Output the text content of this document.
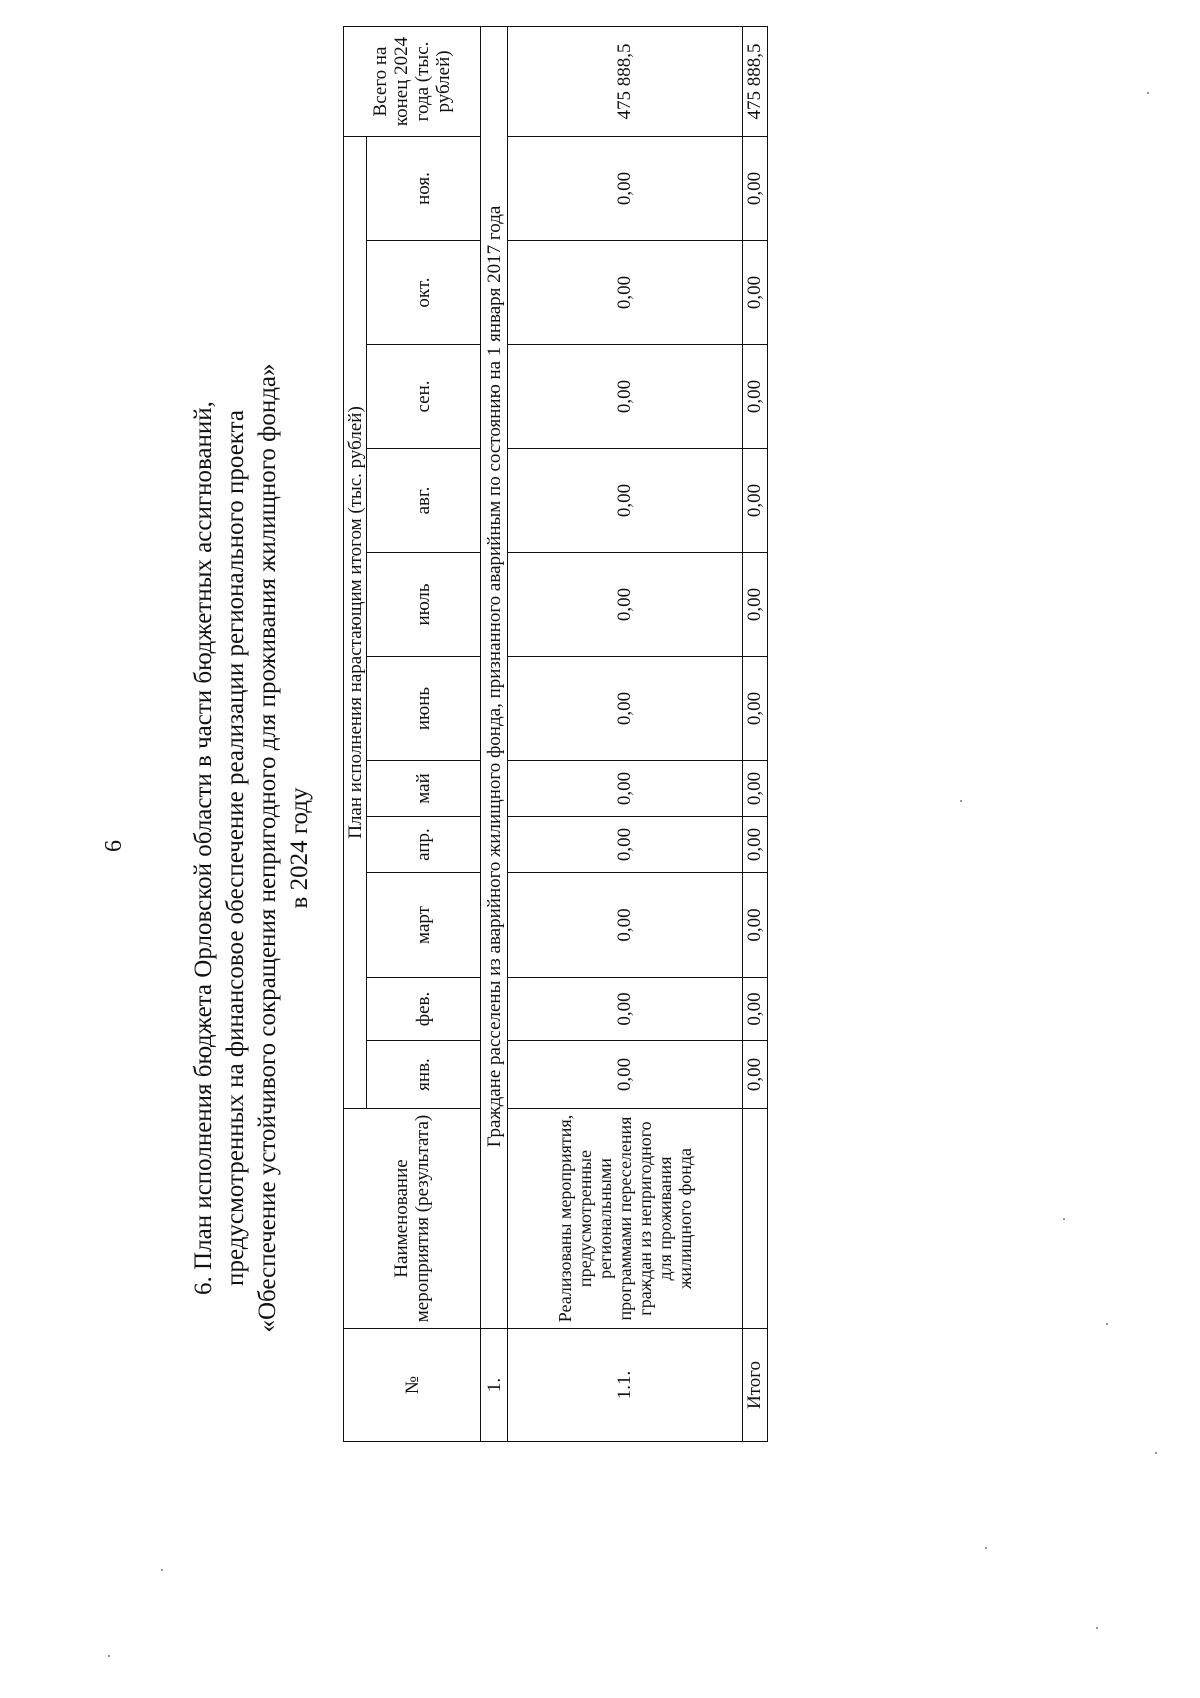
6	6. План исполнения бюджета Орловской области в части бюджетных ассигнований, предусмотренных на финансовое обеспечение реализации регионального проекта «Обеспечение устойчивого сокращения непригодного для проживания жилищного фонда» в 2024 году
№	Наименование мероприятия (результата)	План исполнения нарастающим итогом (тыс. рублей)											Всего на конец 2024 года (тыс. рублей)
		янв.	фев.	март	апр.	май	июнь	июль	авг.	сен.	окт.	ноя.	
1.	Граждане расселены из аварийного жилищного фонда, признанного аварийным по состоянию на 1 января 2017 года												
1.1.	Реализованы мероприятия, предусмотренные региональными программами переселения граждан из непригодного для проживания жилищного фонда	0,00	0,00	0,00	0,00	0,00	0,00	0,00	0,00	0,00	0,00	0,00	475 888,5
Итого		0,00	0,00	0,00	0,00	0,00	0,00	0,00	0,00	0,00	0,00	0,00	475 888,5
